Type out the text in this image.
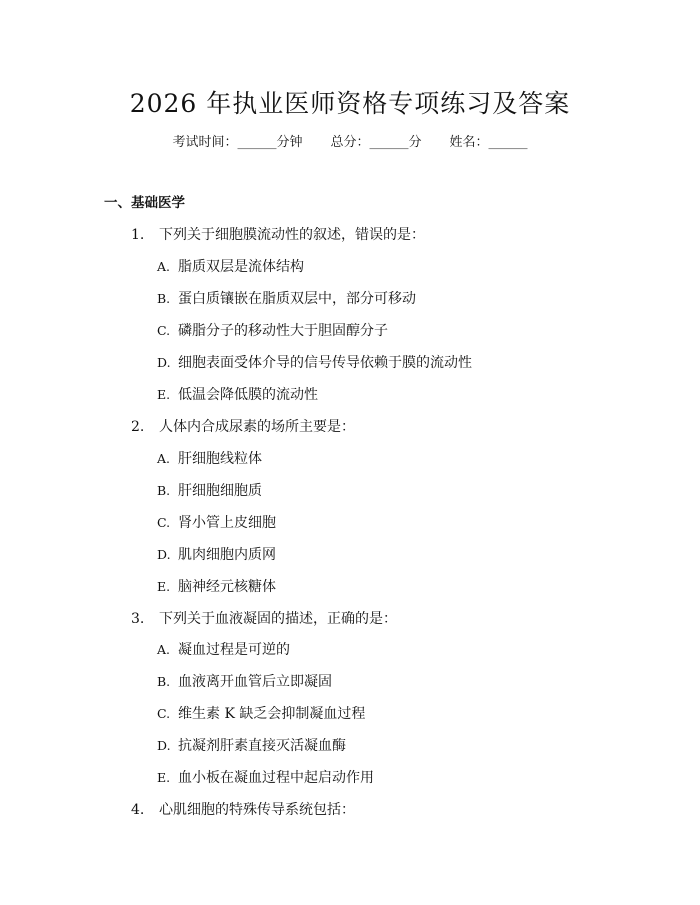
2026 年执业医师资格专项练习及答案
考试时间：______分钟 总分：______分 姓名：______
一、基础医学
1. 下列关于细胞膜流动性的叙述，错误的是：
A. 脂质双层是流体结构
B. 蛋白质镶嵌在脂质双层中，部分可移动
C. 磷脂分子的移动性大于胆固醇分子
D. 细胞表面受体介导的信号传导依赖于膜的流动性
E. 低温会降低膜的流动性
2. 人体内合成尿素的场所主要是：
A. 肝细胞线粒体
B. 肝细胞细胞质
C. 肾小管上皮细胞
D. 肌肉细胞内质网
E. 脑神经元核糖体
3. 下列关于血液凝固的描述，正确的是：
A. 凝血过程是可逆的
B. 血液离开血管后立即凝固
C. 维生素 K 缺乏会抑制凝血过程
D. 抗凝剂肝素直接灭活凝血酶
E. 血小板在凝血过程中起启动作用
4. 心肌细胞的特殊传导系统包括：
